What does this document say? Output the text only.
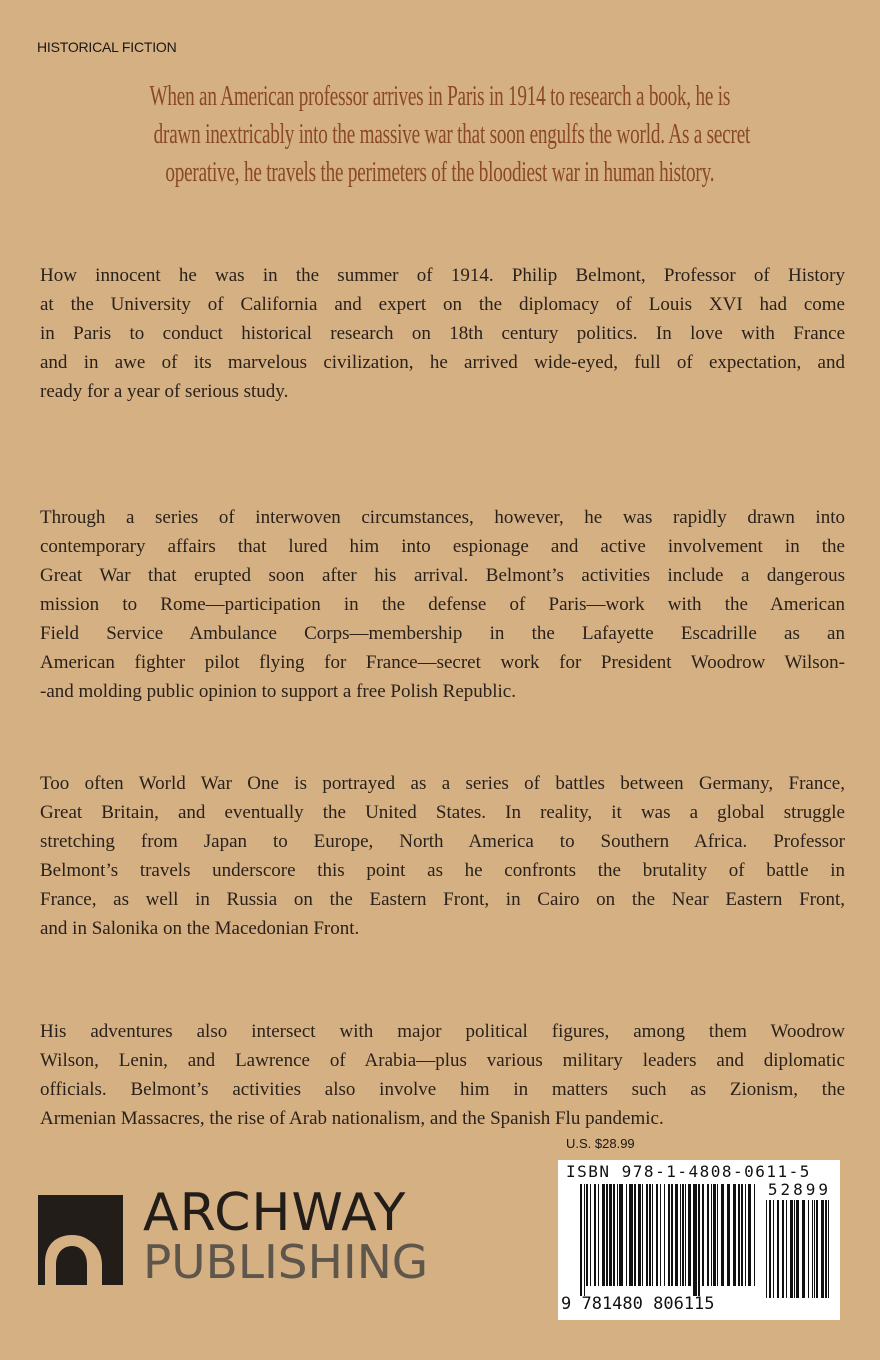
HISTORICAL FICTION
When an American professor arrives in Paris in 1914 to research a book, he is
drawn inextricably into the massive war that soon engulfs the world. As a secret
operative, he travels the perimeters of the bloodiest war in human history.
How innocent he was in the summer of 1914. Philip Belmont, Professor of History
at the University of California and expert on the diplomacy of Louis XVI had come
in Paris to conduct historical research on 18th century politics. In love with France
and in awe of its marvelous civilization, he arrived wide-eyed, full of expectation, and
ready for a year of serious study.
Through a series of interwoven circumstances, however, he was rapidly drawn into
contemporary affairs that lured him into espionage and active involvement in the
Great War that erupted soon after his arrival. Belmont’s activities include a dangerous
mission to Rome—participation in the defense of Paris—work with the American
Field Service Ambulance Corps—membership in the Lafayette Escadrille as an
American fighter pilot flying for France—secret work for President Woodrow Wilson-
-and molding public opinion to support a free Polish Republic.
Too often World War One is portrayed as a series of battles between Germany, France,
Great Britain, and eventually the United States. In reality, it was a global struggle
stretching from Japan to Europe, North America to Southern Africa. Professor
Belmont’s travels underscore this point as he confronts the brutality of battle in
France, as well in Russia on the Eastern Front, in Cairo on the Near Eastern Front,
and in Salonika on the Macedonian Front.
His adventures also intersect with major political figures, among them Woodrow
Wilson, Lenin, and Lawrence of Arabia—plus various military leaders and diplomatic
officials. Belmont’s activities also involve him in matters such as Zionism, the
Armenian Massacres, the rise of Arab nationalism, and the Spanish Flu pandemic.
U.S. $28.99
ISBN 978-1-4808-0611-5
52899
9 781480 806115
ARCHWAY
PUBLISHING
